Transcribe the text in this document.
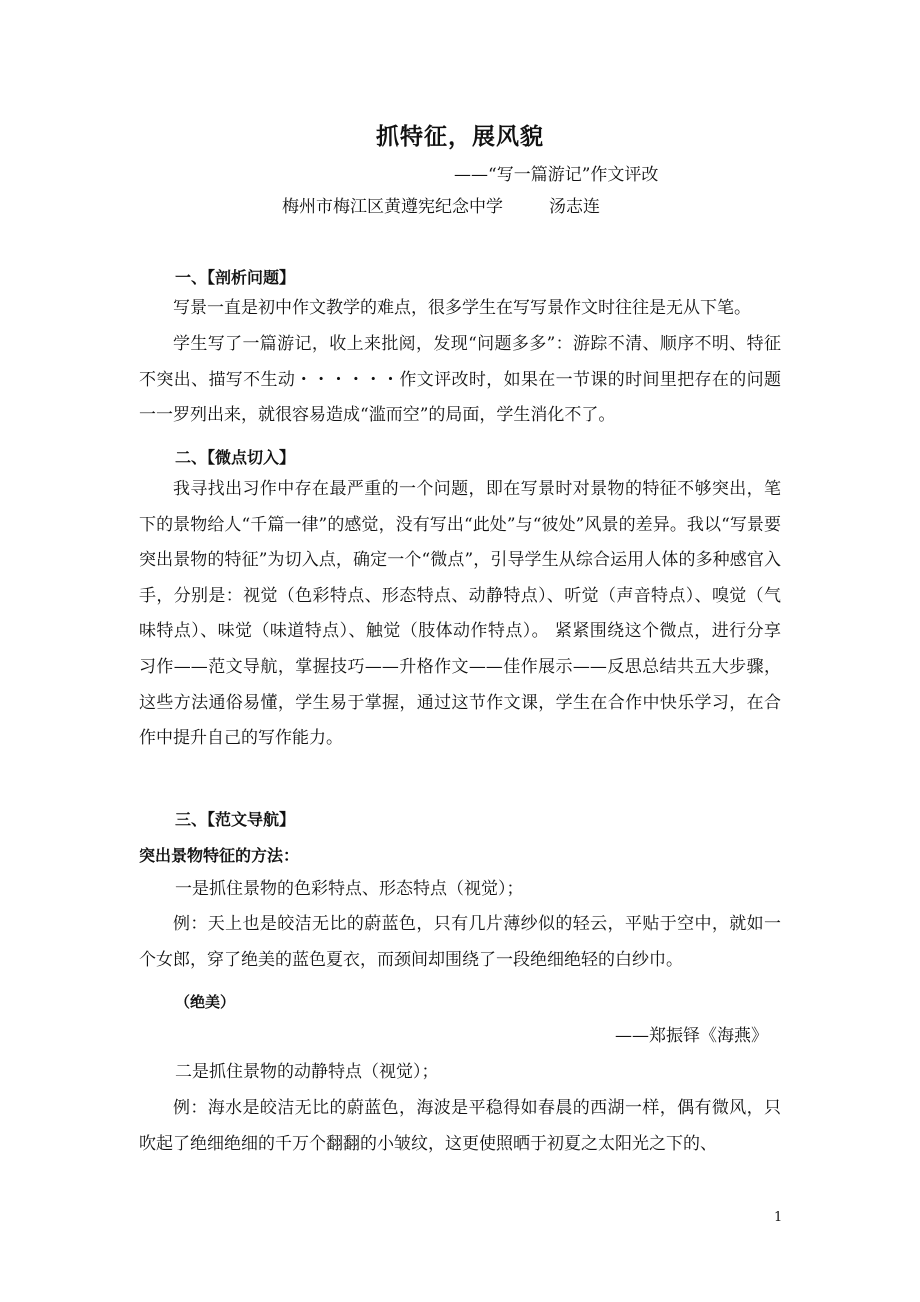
抓特征，展风貌
——“写一篇游记”作文评改
梅州市梅江区黄遵宪纪念中学	汤志连
一、【剖析问题】

写景一直是初中作文教学的难点，很多学生在写写景作文时往往是无从下笔。

学生写了一篇游记，收上来批阅，发现“问题多多”：游踪不清、顺序不明、特征不突出、描写不生动・・・・・・作文评改时，如果在一节课的时间里把存在的问题一一罗列出来，就很容易造成“滥而空”的局面，学生消化不了。

二、【微点切入】

我寻找出习作中存在最严重的一个问题，即在写景时对景物的特征不够突出，笔下的景物给人“千篇一律”的感觉，没有写出“此处”与“彼处”风景的差异。我以“写景要突出景物的特征”为切入点，确定一个“微点”，引导学生从综合运用人体的多种感官入手，分别是：视觉（色彩特点、形态特点、动静特点）、听觉（声音特点）、嗅觉（气味特点）、味觉（味道特点）、触觉（肢体动作特点）。 紧紧围绕这个微点，进行分享习作——范文导航，掌握技巧——升格作文——佳作展示——反思总结共五大步骤，这些方法通俗易懂，学生易于掌握，通过这节作文课，学生在合作中快乐学习，在合作中提升自己的写作能力。

三、【范文导航】
突出景物特征的方法：
一是抓住景物的色彩特点、形态特点（视觉）；

例：天上也是皎洁无比的蔚蓝色，只有几片薄纱似的轻云，平贴于空中，就如一个女郎，穿了绝美的蓝色夏衣，而颈间却围绕了一段绝细绝轻的白纱巾。

（绝美）
——郑振铎《海燕》
二是抓住景物的动静特点（视觉）；

例：海水是皎洁无比的蔚蓝色，海波是平稳得如春晨的西湖一样，偶有微风，只吹起了绝细绝细的千万个翻翻的小皱纹，这更使照晒于初夏之太阳光之下的、

1
